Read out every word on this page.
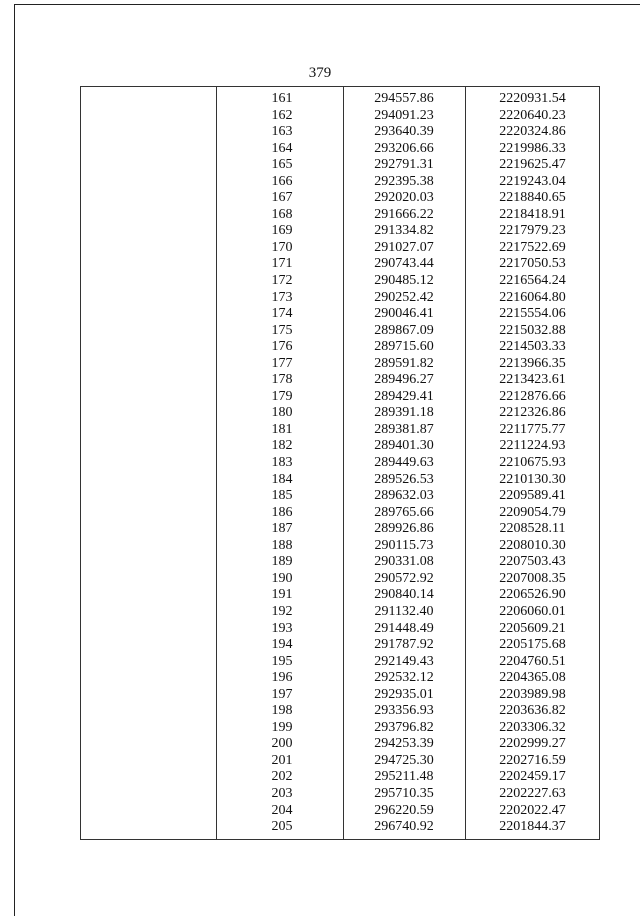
379
161	294557.86	2220931.54
162	294091.23	2220640.23
163	293640.39	2220324.86
164	293206.66	2219986.33
165	292791.31	2219625.47
166	292395.38	2219243.04
167	292020.03	2218840.65
168	291666.22	2218418.91
169	291334.82	2217979.23
170	291027.07	2217522.69
171	290743.44	2217050.53
172	290485.12	2216564.24
173	290252.42	2216064.80
174	290046.41	2215554.06
175	289867.09	2215032.88
176	289715.60	2214503.33
177	289591.82	2213966.35
178	289496.27	2213423.61
179	289429.41	2212876.66
180	289391.18	2212326.86
181	289381.87	2211775.77
182	289401.30	2211224.93
183	289449.63	2210675.93
184	289526.53	2210130.30
185	289632.03	2209589.41
186	289765.66	2209054.79
187	289926.86	2208528.11
188	290115.73	2208010.30
189	290331.08	2207503.43
190	290572.92	2207008.35
191	290840.14	2206526.90
192	291132.40	2206060.01
193	291448.49	2205609.21
194	291787.92	2205175.68
195	292149.43	2204760.51
196	292532.12	2204365.08
197	292935.01	2203989.98
198	293356.93	2203636.82
199	293796.82	2203306.32
200	294253.39	2202999.27
201	294725.30	2202716.59
202	295211.48	2202459.17
203	295710.35	2202227.63
204	296220.59	2202022.47
205	296740.92	2201844.37
